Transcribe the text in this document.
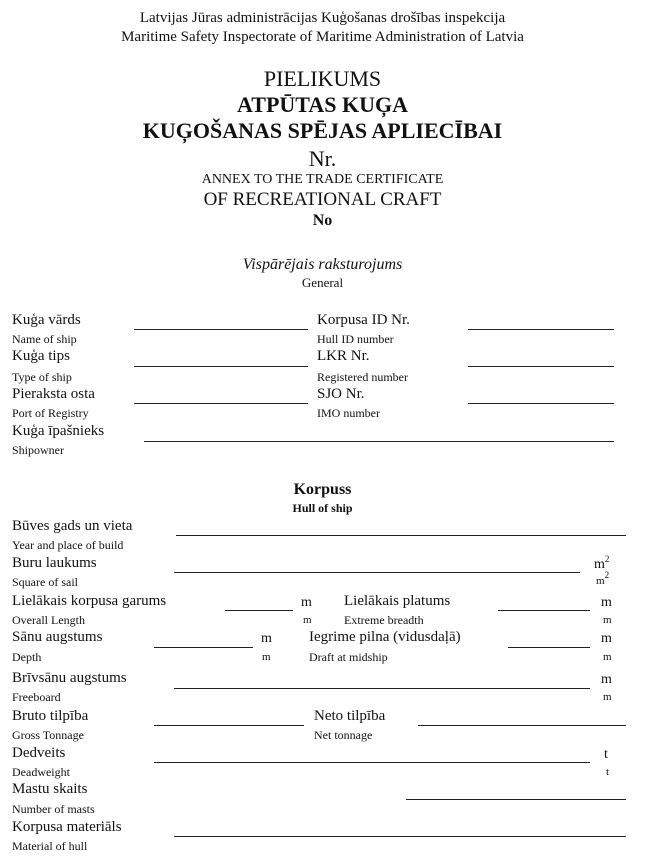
Latvijas Jūras administrācijas Kuģošanas drošības inspekcija
Maritime Safety Inspectorate of Maritime Administration of Latvia
PIELIKUMS
ATPŪTAS KUĢA
KUĢOŠANAS SPĒJAS APLIECĪBAI
Nr.
ANNEX TO THE TRADE CERTIFICATE
OF RECREATIONAL CRAFT
No
Vispārējais raksturojums
General
Kuģa vārds	Korpusa ID Nr.
Name of ship	Hull ID number
Kuģa tips	LKR Nr.
Type of ship	Registered number
Pieraksta osta	SJO Nr.
Port of Registry	IMO number
Kuģa īpašnieks
Shipowner
Korpuss
Hull of ship
Būves gads un vieta
Year and place of build
Buru laukums	$m^2$
Square of sail	$m^2$
Lielākais korpusa garums	m Lielākais platums	m
Overall Length	m	Extreme breadth	m
Sānu augstums	m Iegrime pilna (vidusdaļā)	m
Depth	m	Draft at midship	m
Brīvsānu augstums	m
Freeboard	m
Bruto tilpība	Neto tilpība
Gross Tonnage	Net tonnage
Dedveits	t
Deadweight	t
Mastu skaits
Number of masts
Korpusa materiāls
Material of hull
